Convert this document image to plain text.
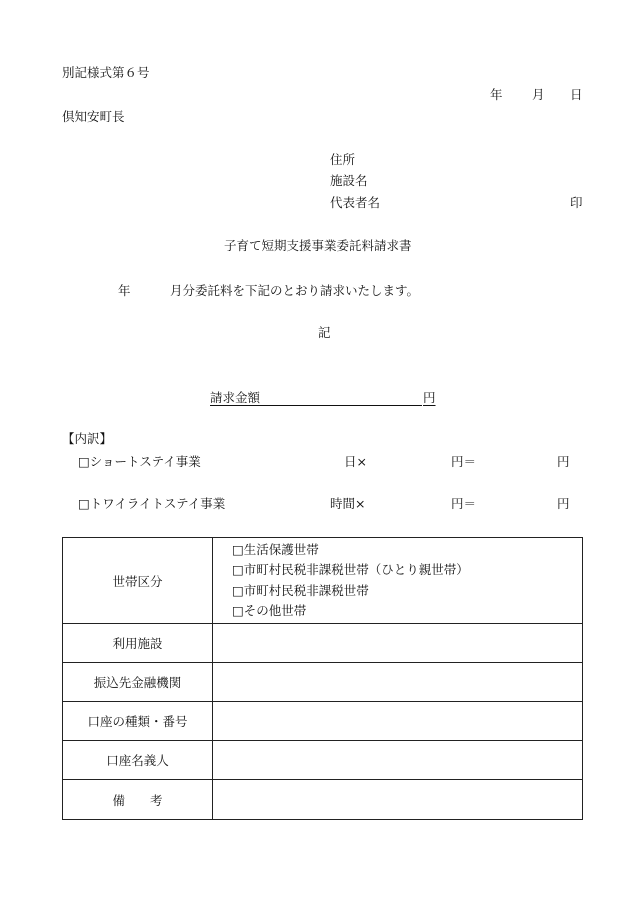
別記様式第６号
年 月 日
倶知安町長
住所
施設名
代表者名	印
子育て短期支援事業委託料請求書
年	月分委託料を下記のとおり請求いたします。
記
請求金額	円
【内訳】
□ショートステイ事業	日×	円＝	円
□トワイライトステイ事業	時間×	円＝	円
世帯区分	□生活保護世帯
□市町村民税非課税世帯（ひとり親世帯）
□市町村民税非課税世帯
□その他世帯

利用施設	
振込先金融機関	
口座の種類・番号	
口座名義人	
備　　考	
